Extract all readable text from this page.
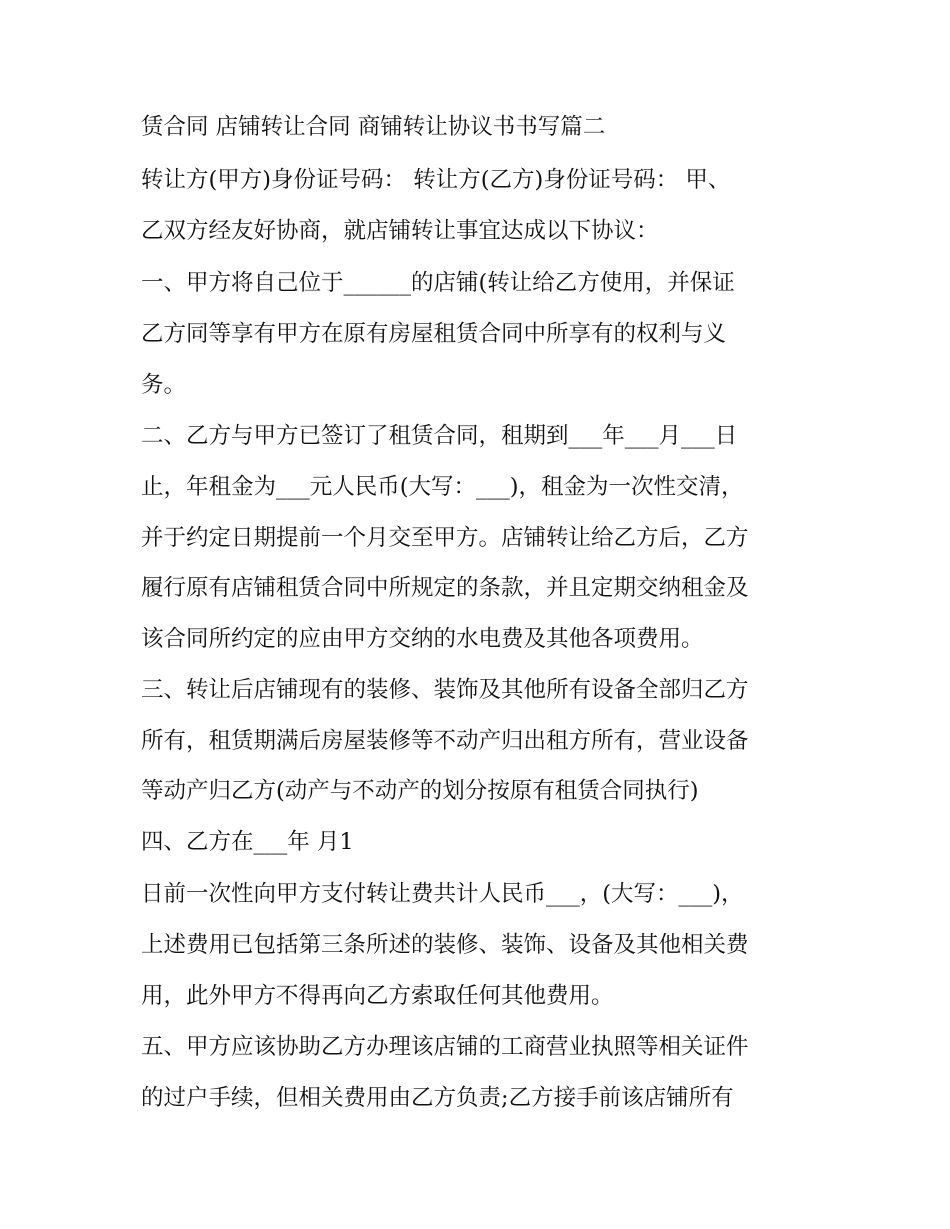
赁合同 店铺转让合同 商铺转让协议书书写篇二
转让方(甲方)身份证号码： 转让方(乙方)身份证号码： 甲、
乙双方经友好协商，就店铺转让事宜达成以下协议：
一、甲方将自己位于______的店铺(转让给乙方使用，并保证
乙方同等享有甲方在原有房屋租赁合同中所享有的权利与义
务。
二、乙方与甲方已签订了租赁合同，租期到___年___月___日
止，年租金为___元人民币(大写：___)，租金为一次性交清，
并于约定日期提前一个月交至甲方。店铺转让给乙方后，乙方
履行原有店铺租赁合同中所规定的条款，并且定期交纳租金及
该合同所约定的应由甲方交纳的水电费及其他各项费用。
三、转让后店铺现有的装修、装饰及其他所有设备全部归乙方
所有，租赁期满后房屋装修等不动产归出租方所有，营业设备
等动产归乙方(动产与不动产的划分按原有租赁合同执行)
四、乙方在___年 月1
日前一次性向甲方支付转让费共计人民币___，(大写：___)，
上述费用已包括第三条所述的装修、装饰、设备及其他相关费
用，此外甲方不得再向乙方索取任何其他费用。
五、甲方应该协助乙方办理该店铺的工商营业执照等相关证件
的过户手续，但相关费用由乙方负责;乙方接手前该店铺所有
